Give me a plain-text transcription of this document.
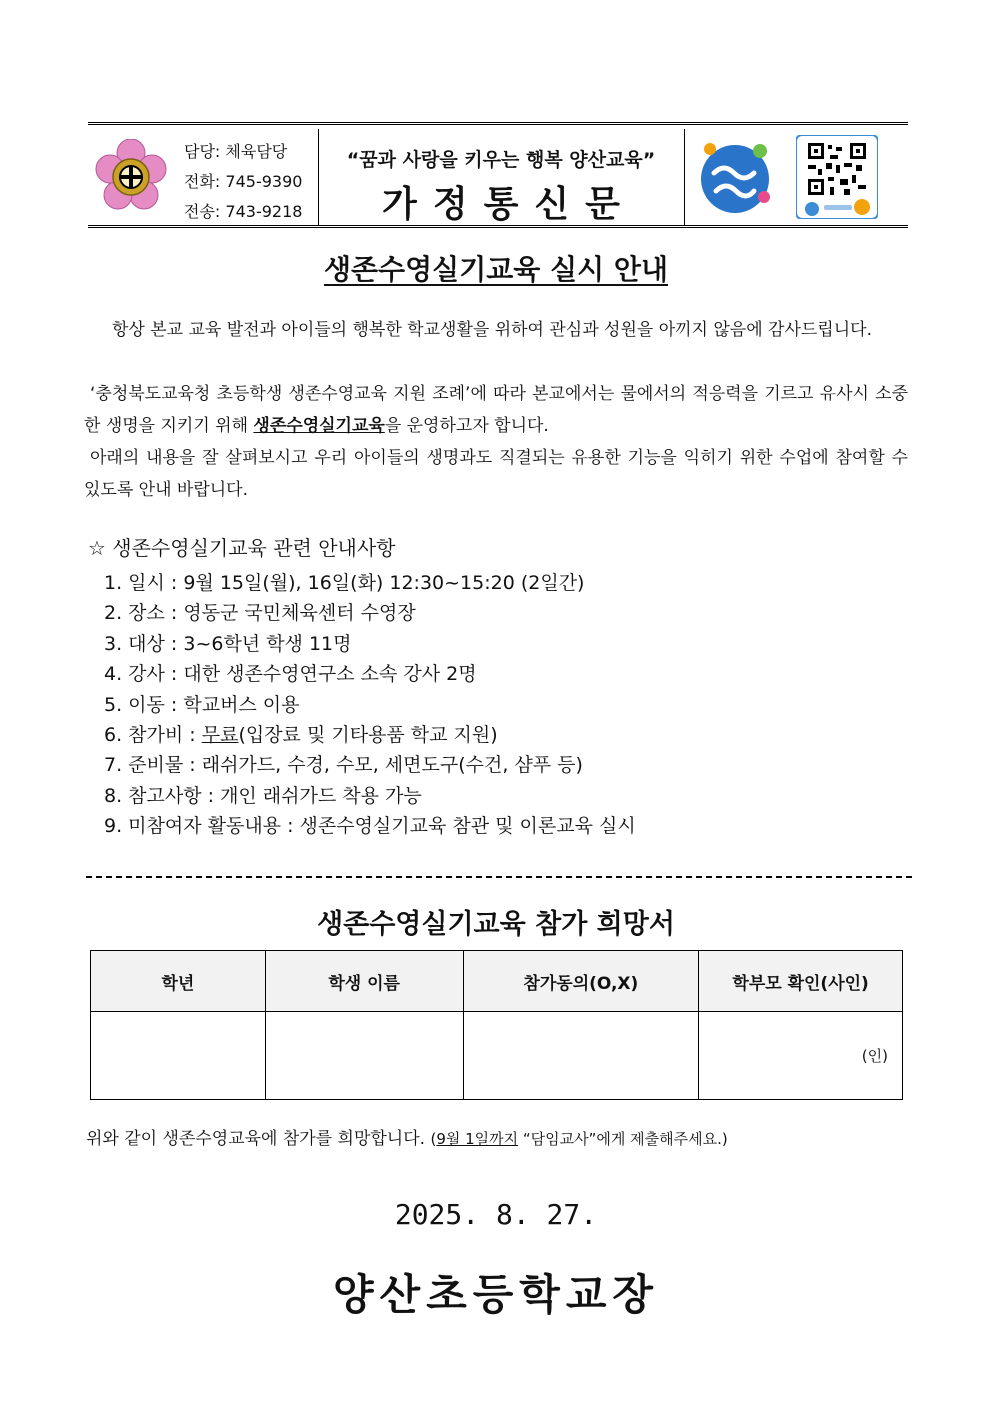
담당: 체육담당
전화: 745-9390
전송: 743-9218
“꿈과 사랑을 키우는 행복 양산교육”
가정통신문
생존수영실기교육 실시 안내
항상 본교 교육 발전과 아이들의 행복한 학교생활을 위하여 관심과 성원을 아끼지 않음에 감사드립니다.
‘충청북도교육청 초등학생 생존수영교육 지원 조례’에 따라 본교에서는 물에서의 적응력을 기르고 유사시 소중한 생명을 지키기 위해 생존수영실기교육을 운영하고자 합니다.
아래의 내용을 잘 살펴보시고 우리 아이들의 생명과도 직결되는 유용한 기능을 익히기 위한 수업에 참여할 수 있도록 안내 바랍니다.
☆ 생존수영실기교육 관련 안내사항
1. 일시 : 9월 15일(월), 16일(화) 12:30~15:20 (2일간)
2. 장소 : 영동군 국민체육센터 수영장
3. 대상 : 3~6학년 학생 11명
4. 강사 : 대한 생존수영연구소 소속 강사 2명
5. 이동 : 학교버스 이용
6. 참가비 : 무료(입장료 및 기타용품 학교 지원)
7. 준비물 : 래쉬가드, 수경, 수모, 세면도구(수건, 샴푸 등)
8. 참고사항 : 개인 래쉬가드 착용 가능
9. 미참여자 활동내용 : 생존수영실기교육 참관 및 이론교육 실시
생존수영실기교육 참가 희망서
학년	학생 이름	참가동의(O,X)	학부모 확인(사인)
			(인)
위와 같이 생존수영교육에 참가를 희망합니다. (9월 1일까지 “담임교사”에게 제출해주세요.)
2025. 8. 27.
양산초등학교장
